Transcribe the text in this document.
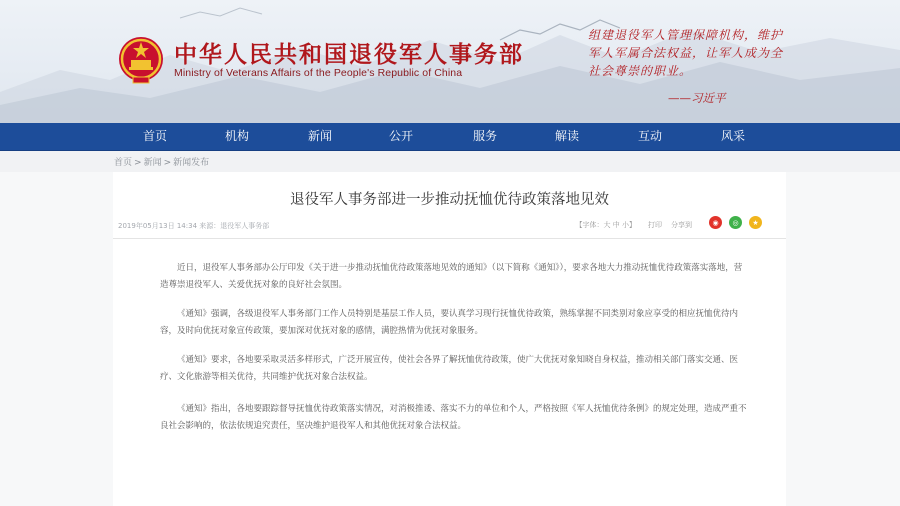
中华人民共和国退役军人事务部
Ministry of Veterans Affairs of the People's Republic of China
组建退役军人管理保障机构，维护军人军属合法权益，让军人成为全社会尊崇的职业。
——习近平
首页	机构	新闻	公开	服务	解读	互动	风采
首页 > 新闻 > 新闻发布
退役军人事务部进一步推动抚恤优待政策落地见效
2019年05月13日 14:34 来源：退役军人事务部	【字体：大 中 小】 打印 分享到	◉	◎	★

近日，退役军人事务部办公厅印发《关于进一步推动抚恤优待政策落地见效的通知》（以下简称《通知》），要求各地大力推动抚恤优待政策落实落地，营造尊崇退役军人、关爱优抚对象的良好社会氛围。

《通知》强调，各级退役军人事务部门工作人员特别是基层工作人员，要认真学习现行抚恤优待政策，熟练掌握不同类别对象应享受的相应抚恤优待内容，及时向优抚对象宣传政策，要加深对优抚对象的感情，满腔热情为优抚对象服务。

《通知》要求，各地要采取灵活多样形式，广泛开展宣传，使社会各界了解抚恤优待政策，使广大优抚对象知晓自身权益，推动相关部门落实交通、医疗、文化旅游等相关优待，共同维护优抚对象合法权益。

《通知》指出，各地要跟踪督导抚恤优待政策落实情况，对消极推诿、落实不力的单位和个人，严格按照《军人抚恤优待条例》的规定处理，造成严重不良社会影响的，依法依规追究责任，坚决维护退役军人和其他优抚对象合法权益。
